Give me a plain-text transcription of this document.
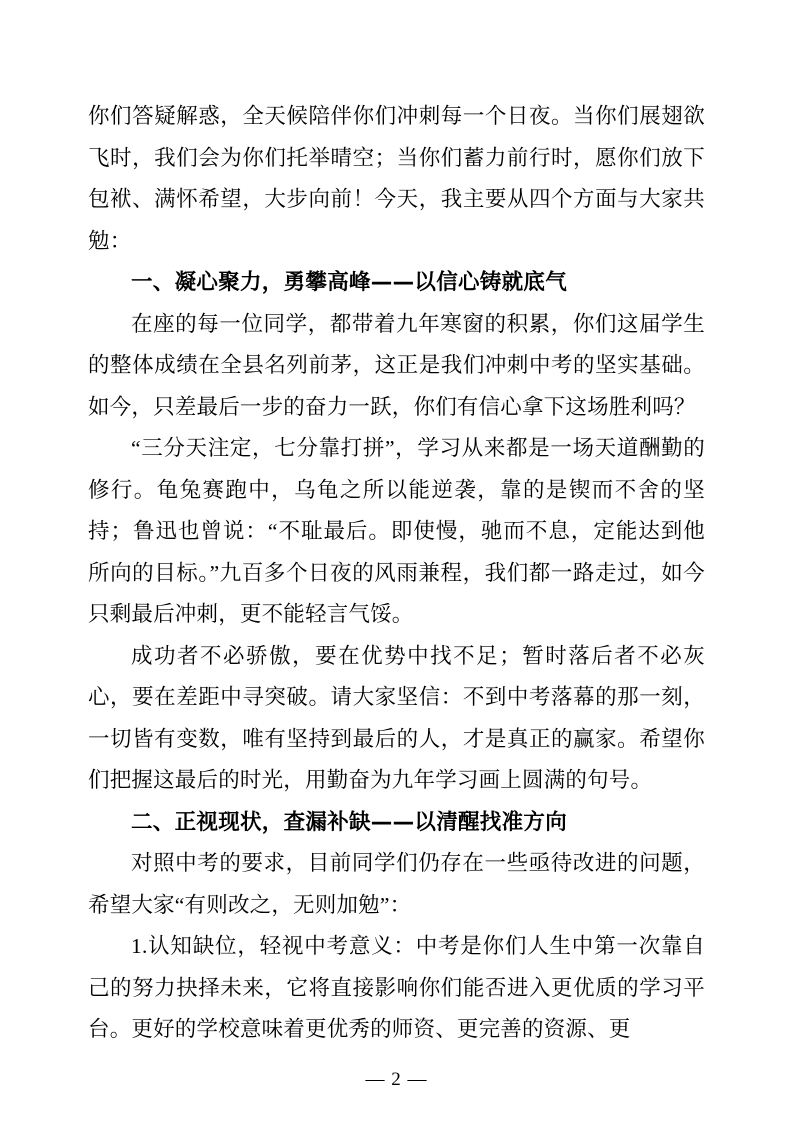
你们答疑解惑，全天候陪伴你们冲刺每一个日夜。当你们展翅欲飞时，我们会为你们托举晴空；当你们蓄力前行时，愿你们放下包袱、满怀希望，大步向前！今天，我主要从四个方面与大家共勉：

一、凝心聚力，勇攀高峰——以信心铸就底气

在座的每一位同学，都带着九年寒窗的积累，你们这届学生的整体成绩在全县名列前茅，这正是我们冲刺中考的坚实基础。如今，只差最后一步的奋力一跃，你们有信心拿下这场胜利吗？

“三分天注定，七分靠打拼”，学习从来都是一场天道酬勤的修行。龟兔赛跑中，乌龟之所以能逆袭，靠的是锲而不舍的坚持；鲁迅也曾说：“不耻最后。即使慢，驰而不息，定能达到他所向的目标。”九百多个日夜的风雨兼程，我们都一路走过，如今只剩最后冲刺，更不能轻言气馁。

成功者不必骄傲，要在优势中找不足；暂时落后者不必灰心，要在差距中寻突破。请大家坚信：不到中考落幕的那一刻，一切皆有变数，唯有坚持到最后的人，才是真正的赢家。希望你们把握这最后的时光，用勤奋为九年学习画上圆满的句号。

二、正视现状，查漏补缺——以清醒找准方向

对照中考的要求，目前同学们仍存在一些亟待改进的问题，希望大家“有则改之，无则加勉”：

1.认知缺位，轻视中考意义：中考是你们人生中第一次靠自己的努力抉择未来，它将直接影响你们能否进入更优质的学习平台。更好的学校意味着更优秀的师资、更完善的资源、更

— 2 —
